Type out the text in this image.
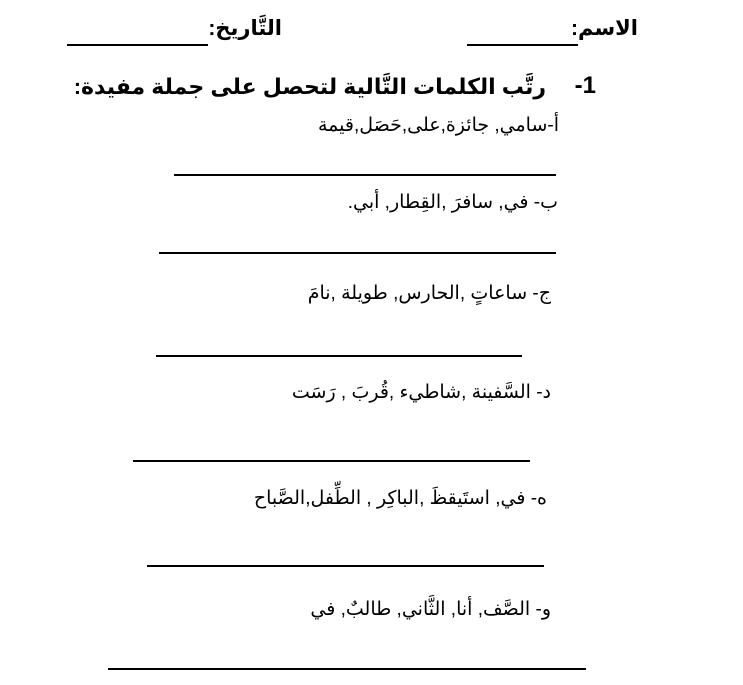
الاسم:
التَّاريخ:
-1
رتَّب الكلمات التَّالية لتحصل على جملة مفيدة:
أ-سامي, جائزة,على,حَصَل,قيمة
ب- في, سافرَ ,القِطار, أبي.
ج- ساعاتٍ ,الحارس, طويلة ,نامَ
د- السَّفينة ,شاطيء ,قُربَ , رَسَت
ه- في, استَيقظَ ,الباكِر , الطِّفل,الصَّباح
و- الصَّف, أنا, الثَّاني, طالبٌ, في
